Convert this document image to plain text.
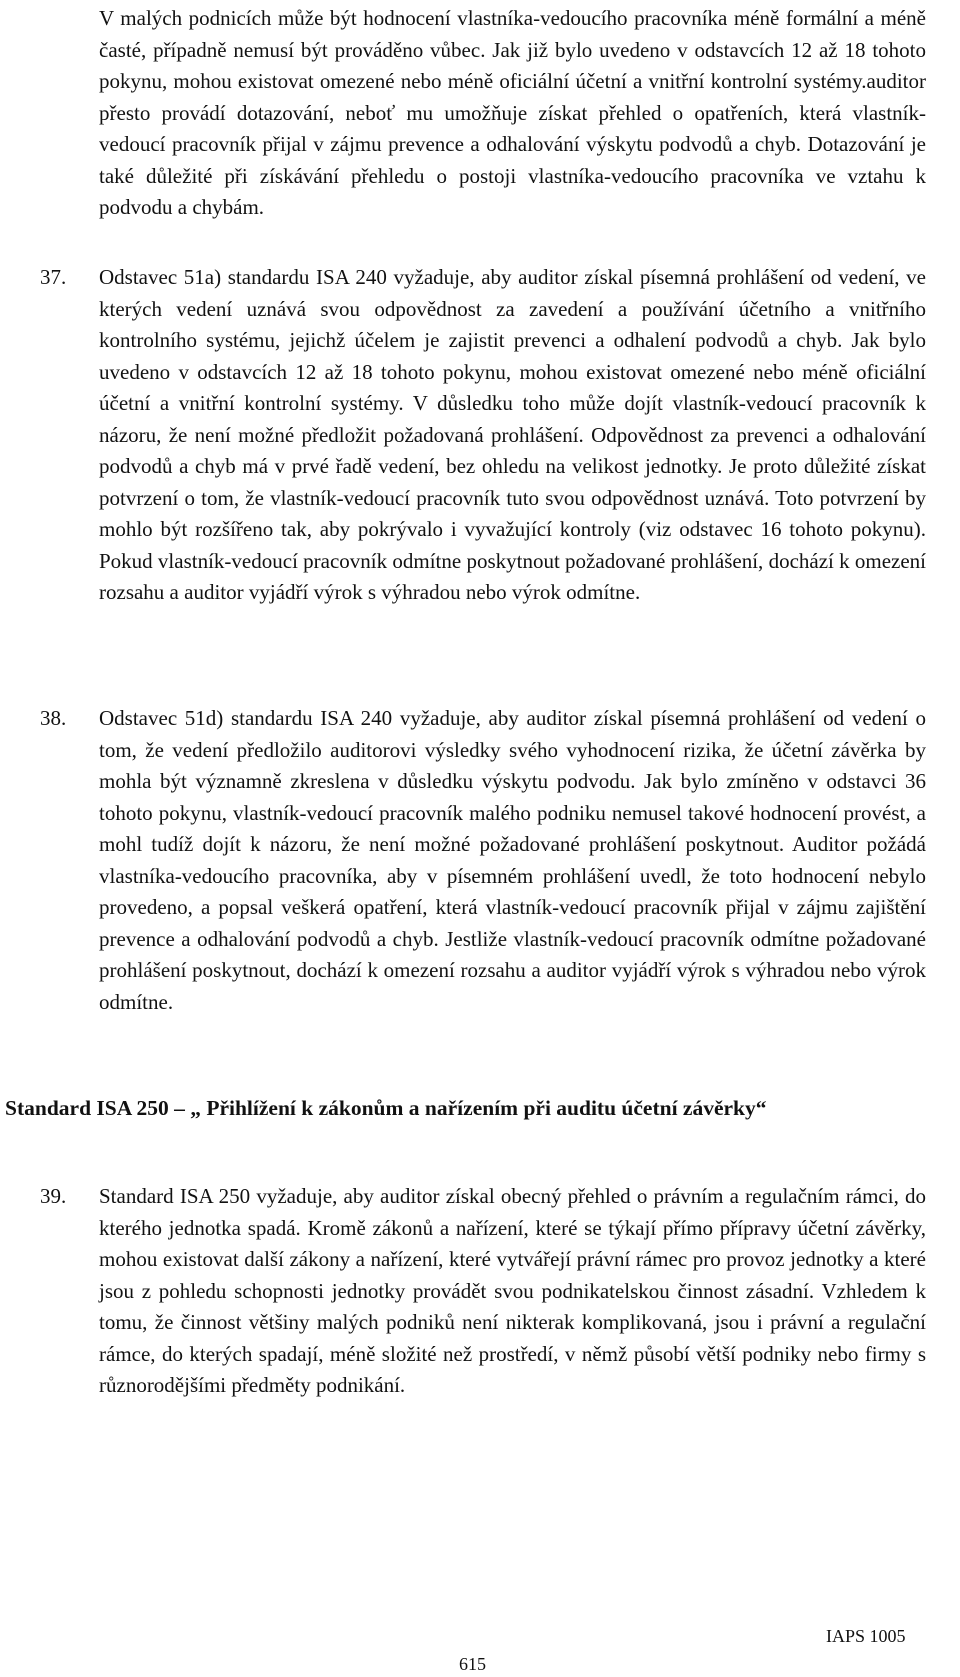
V malých podnicích může být hodnocení vlastníka-vedoucího pracovníka méně formální a méně časté, případně nemusí být prováděno vůbec. Jak již bylo uvedeno v odstavcích 12 až 18 tohoto pokynu, mohou existovat omezené nebo méně oficiální účetní a vnitřní kontrolní systémy.auditor přesto provádí dotazování, neboť mu umožňuje získat přehled o opatřeních, která vlastník-vedoucí pracovník přijal v zájmu prevence a odhalování výskytu podvodů a chyb. Dotazování je také důležité při získávání přehledu o postoji vlastníka-vedoucího pracovníka ve vztahu k podvodu a chybám.

37. Odstavec 51a) standardu ISA 240 vyžaduje, aby auditor získal písemná prohlášení od vedení, ve kterých vedení uznává svou odpovědnost za zavedení a používání účetního a vnitřního kontrolního systému, jejichž účelem je zajistit prevenci a odhalení podvodů a chyb. Jak bylo uvedeno v odstavcích 12 až 18 tohoto pokynu, mohou existovat omezené nebo méně oficiální účetní a vnitřní kontrolní systémy. V důsledku toho může dojít vlastník-vedoucí pracovník k názoru, že není možné předložit požadovaná prohlášení. Odpovědnost za prevenci a odhalování podvodů a chyb má v prvé řadě vedení, bez ohledu na velikost jednotky. Je proto důležité získat potvrzení o tom, že vlastník-vedoucí pracovník tuto svou odpovědnost uznává. Toto potvrzení by mohlo být rozšířeno tak, aby pokrývalo i vyvažující kontroly (viz odstavec 16 tohoto pokynu). Pokud vlastník-vedoucí pracovník odmítne poskytnout požadované prohlášení, dochází k omezení rozsahu a auditor vyjádří výrok s výhradou nebo výrok odmítne.

38. Odstavec 51d) standardu ISA 240 vyžaduje, aby auditor získal písemná prohlášení od vedení o tom, že vedení předložilo auditorovi výsledky svého vyhodnocení rizika, že účetní závěrka by mohla být významně zkreslena v důsledku výskytu podvodu. Jak bylo zmíněno v odstavci 36 tohoto pokynu, vlastník-vedoucí pracovník malého podniku nemusel takové hodnocení provést, a mohl tudíž dojít k názoru, že není možné požadované prohlášení poskytnout. Auditor požádá vlastníka-vedoucího pracovníka, aby v písemném prohlášení uvedl, že toto hodnocení nebylo provedeno, a popsal veškerá opatření, která vlastník-vedoucí pracovník přijal v zájmu zajištění prevence a odhalování podvodů a chyb. Jestliže vlastník-vedoucí pracovník odmítne požadované prohlášení poskytnout, dochází k omezení rozsahu a auditor vyjádří výrok s výhradou nebo výrok odmítne.

Standard ISA 250 – „ Přihlížení k zákonům a nařízením při auditu účetní závěrky“
39. Standard ISA 250 vyžaduje, aby auditor získal obecný přehled o právním a regulačním rámci, do kterého jednotka spadá. Kromě zákonů a nařízení, které se týkají přímo přípravy účetní závěrky, mohou existovat další zákony a nařízení, které vytvářejí právní rámec pro provoz jednotky a které jsou z pohledu schopnosti jednotky provádět svou podnikatelskou činnost zásadní. Vzhledem k tomu, že činnost většiny malých podniků není nikterak komplikovaná, jsou i právní a regulační rámce, do kterých spadají, méně složité než prostředí, v němž působí větší podniky nebo firmy s různorodějšími předměty podnikání.

IAPS 1005
615
